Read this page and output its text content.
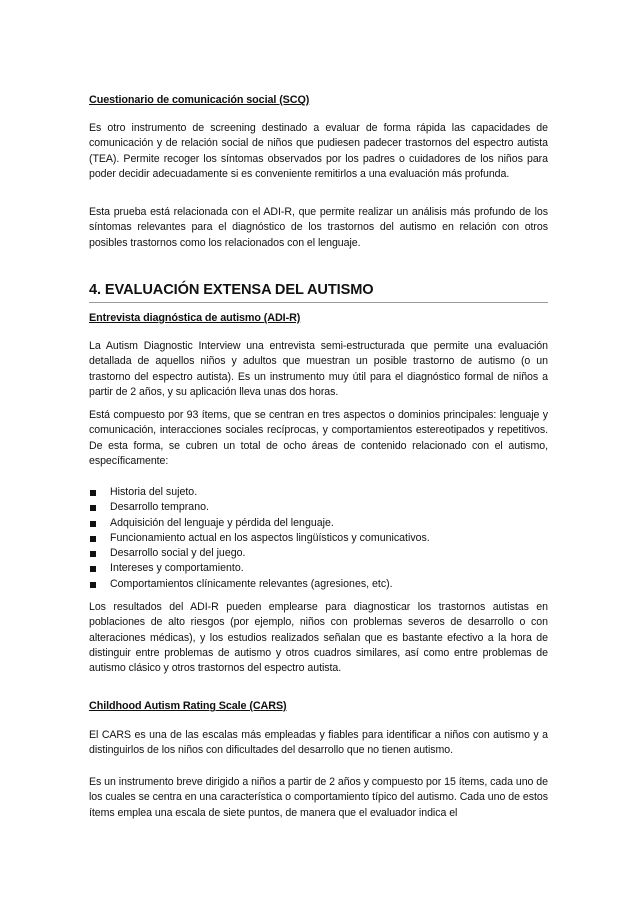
Cuestionario de comunicación social (SCQ)

Es otro instrumento de screening destinado a evaluar de forma rápida las capacidades de comunicación y de relación social de niños que pudiesen padecer trastornos del espectro autista (TEA). Permite recoger los síntomas observados por los padres o cuidadores de los niños para poder decidir adecuadamente si es conveniente remitirlos a una evaluación más profunda.

Esta prueba está relacionada con el ADI-R, que permite realizar un análisis más profundo de los síntomas relevantes para el diagnóstico de los trastornos del autismo en relación con otros posibles trastornos como los relacionados con el lenguaje.

4. EVALUACIÓN EXTENSA DEL AUTISMO
Entrevista diagnóstica de autismo (ADI-R)

La Autism Diagnostic Interview una entrevista semi-estructurada que permite una evaluación detallada de aquellos niños y adultos que muestran un posible trastorno de autismo (o un trastorno del espectro autista). Es un instrumento muy útil para el diagnóstico formal de niños a partir de 2 años, y su aplicación lleva unas dos horas.

Está compuesto por 93 ítems, que se centran en tres aspectos o dominios principales: lenguaje y comunicación, interacciones sociales recíprocas, y comportamientos estereotipados y repetitivos. De esta forma, se cubren un total de ocho áreas de contenido relacionado con el autismo, específicamente:

Historia del sujeto.
Desarrollo temprano.
Adquisición del lenguaje y pérdida del lenguaje.
Funcionamiento actual en los aspectos lingüísticos y comunicativos.
Desarrollo social y del juego.
Intereses y comportamiento.
Comportamientos clínicamente relevantes (agresiones, etc).

Los resultados del ADI-R pueden emplearse para diagnosticar los trastornos autistas en poblaciones de alto riesgos (por ejemplo, niños con problemas severos de desarrollo o con alteraciones médicas), y los estudios realizados señalan que es bastante efectivo a la hora de distinguir entre problemas de autismo y otros cuadros similares, así como entre problemas de autismo clásico y otros trastornos del espectro autista.

Childhood Autism Rating Scale (CARS)

El CARS es una de las escalas más empleadas y fiables para identificar a niños con autismo y a distinguirlos de los niños con dificultades del desarrollo que no tienen autismo.

Es un instrumento breve dirigido a niños a partir de 2 años y compuesto por 15 ítems, cada uno de los cuales se centra en una característica o comportamiento típico del autismo. Cada uno de estos ítems emplea una escala de siete puntos, de manera que el evaluador indica el
